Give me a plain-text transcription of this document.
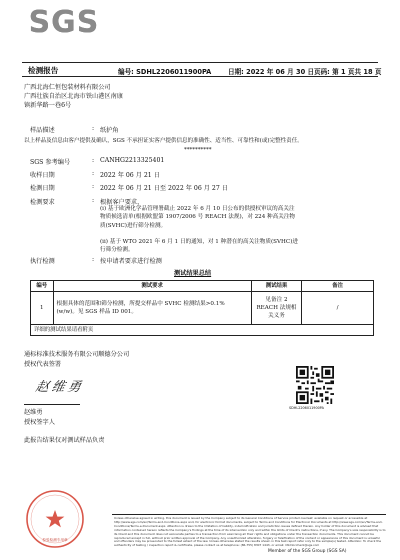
SGS
检测报告	编号: SDHL2206011900PA	日期: 2022 年 06 月 30 日 页码: 第 1 页共 18 页
广西北海仁恒包装材料有限公司
广西壮族自治区北海市铁山港区南康
镇新华路一巷6号
样品描述	: 纸护角
以上样品及信息由客户提供及确认，SGS 不承担证实客户提供信息的准确性、适当性、可靠性和(或)完整性责任。
**********
SGS 参考编号	: CANHG2213325401
收样日期	: 2022 年 06 月 21 日
检测日期	: 2022 年 06 月 21 日至 2022 年 06 月 27 日
检测要求	: 根据客户要求，
(i) 基于欧洲化学品管理署截止 2022 年 6 月 10 日公布的供授权审议的高关注物质候选清单(根据欧盟第 1907/2006 号 REACH 法规)，对 224 种高关注物质(SVHC)进行筛分检测。
(ii) 基于 WTO 2021 年 6 月 1 日的通知，对 1 种潜在的高关注物质(SVHC)进行筛分检测。
执行检测	: 按申请者要求进行检测
测试结果总结
编号	测试要求	测试结果	备注
1	根据具体的范围和筛分检测，所提交样品中 SVHC 检测结果>0.1% (w/w)。见 SGS 样品 ID 001。	见备注 2 REACH 法规相关义务	/
详细的测试结果请看附页			
通标标准技术服务有限公司顺德分公司
授权代表签署
赵维勇
赵维勇
授权签字人
此报告结果仅对测试样品负责
SDHL2206011900PA
检验检测专用章
Unless otherwise agreed in writing, this document is issued by the Company subject to its General Conditions of Service printed overleaf, available on request or accessible at http://www.sgs.com/en/Terms-and-Conditions.aspx and, for electronic format documents, subject to Terms and Conditions for Electronic Documents at http://www.sgs.com/en/Terms-and-Conditions/Terms-e-Document.aspx. Attention is drawn to the limitation of liability, indemnification and jurisdiction issues defined therein. Any holder of this document is advised that information contained hereon reflects the Company's findings at the time of its intervention only and within the limits of Client's instructions, if any. The Company's sole responsibility is to its Client and this document does not exonerate parties to a transaction from exercising all their rights and obligations under the transaction documents. This document cannot be reproduced except in full, without prior written approval of the Company. Any unauthorized alteration, forgery or falsification of the content or appearance of this document is unlawful and offenders may be prosecuted to the fullest extent of the law. Unless otherwise stated the results shown in this test report refer only to the sample(s) tested. Attention: To check the authenticity of testing / inspection report & certificate, please contact us at telephone: (86-755) 8307 1443, or email: CN.Doccheck@sgs.com
Member of the SGS Group (SGS SA)
